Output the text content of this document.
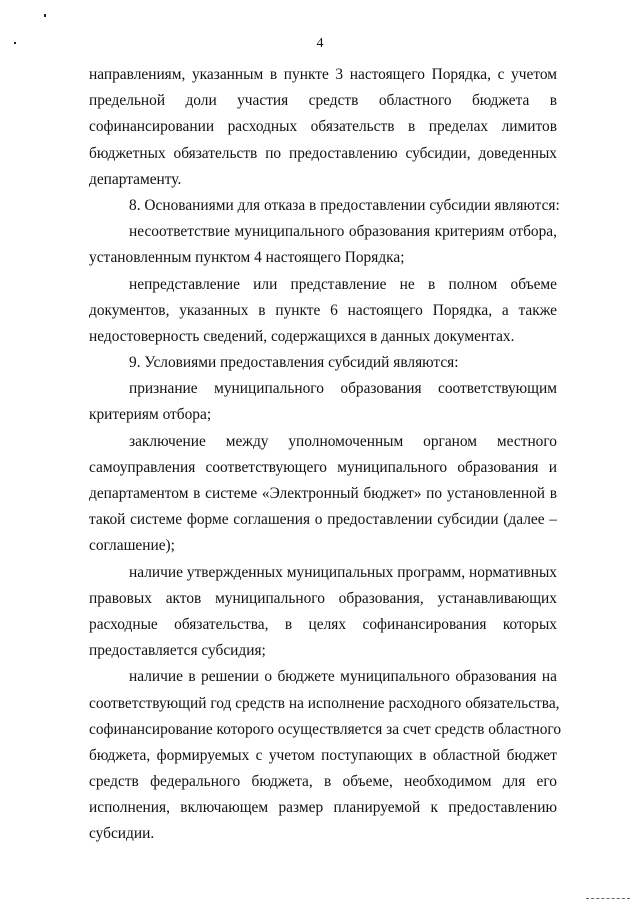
4
направлениям, указанным в пункте 3 настоящего Порядка, с учетом
предельной доли участия средств областного бюджета в
софинансировании расходных обязательств в пределах лимитов
бюджетных обязательств по предоставлению субсидии, доведенных
департаменту.
8. Основаниями для отказа в предоставлении субсидии являются:
несоответствие муниципального образования критериям отбора,
установленным пунктом 4 настоящего Порядка;
непредставление или представление не в полном объеме
документов, указанных в пункте 6 настоящего Порядка, а также
недостоверность сведений, содержащихся в данных документах.
9. Условиями предоставления субсидий являются:
признание муниципального образования соответствующим
критериям отбора;
заключение между уполномоченным органом местного
самоуправления соответствующего муниципального образования и
департаментом в системе «Электронный бюджет» по установленной в
такой системе форме соглашения о предоставлении субсидии (далее –
соглашение);
наличие утвержденных муниципальных программ, нормативных
правовых актов муниципального образования, устанавливающих
расходные обязательства, в целях софинансирования которых
предоставляется субсидия;
наличие в решении о бюджете муниципального образования на
соответствующий год средств на исполнение расходного обязательства,
софинансирование которого осуществляется за счет средств областного
бюджета, формируемых с учетом поступающих в областной бюджет
средств федерального бюджета, в объеме, необходимом для его
исполнения, включающем размер планируемой к предоставлению
субсидии.
